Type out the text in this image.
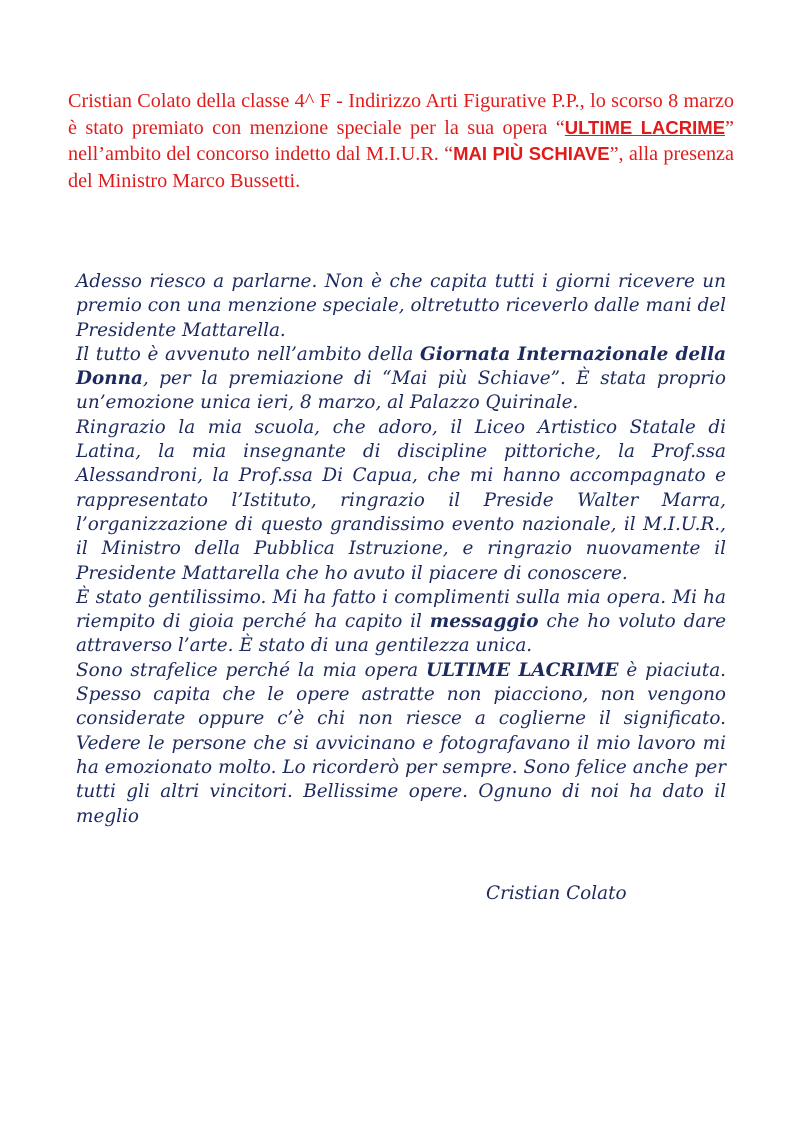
Cristian Colato della classe 4^ F - Indirizzo Arti Figurative P.P., lo scorso 8 marzo è stato premiato con menzione speciale per la sua opera “ULTIME LACRIME” nell’ambito del concorso indetto dal M.I.U.R. “MAI PIÙ SCHIAVE”, alla presenza del Ministro Marco Bussetti.

Adesso riesco a parlarne. Non è che capita tutti i giorni ricevere un premio con una menzione speciale, oltretutto riceverlo dalle mani del Presidente Mattarella.

Il tutto è avvenuto nell’ambito della Giornata Internazionale della Donna, per la premiazione di “Mai più Schiave”. È stata proprio un’emozione unica ieri, 8 marzo, al Palazzo Quirinale.

Ringrazio la mia scuola, che adoro, il Liceo Artistico Statale di Latina, la mia insegnante di discipline pittoriche, la Prof.ssa Alessandroni, la Prof.ssa Di Capua, che mi hanno accompagnato e rappresentato l’Istituto, ringrazio il Preside Walter Marra, l’organizzazione di questo grandissimo evento nazionale, il M.I.U.R., il Ministro della Pubblica Istruzione, e ringrazio nuovamente il Presidente Mattarella che ho avuto il piacere di conoscere.

È stato gentilissimo. Mi ha fatto i complimenti sulla mia opera. Mi ha riempito di gioia perché ha capito il messaggio che ho voluto dare attraverso l’arte. È stato di una gentilezza unica.

Sono strafelice perché la mia opera ULTIME LACRIME è piaciuta. Spesso capita che le opere astratte non piacciono, non vengono considerate oppure c’è chi non riesce a coglierne il significato. Vedere le persone che si avvicinano e fotografavano il mio lavoro mi ha emozionato molto. Lo ricorderò per sempre. Sono felice anche per tutti gli altri vincitori. Bellissime opere. Ognuno di noi ha dato il meglio

Cristian Colato
